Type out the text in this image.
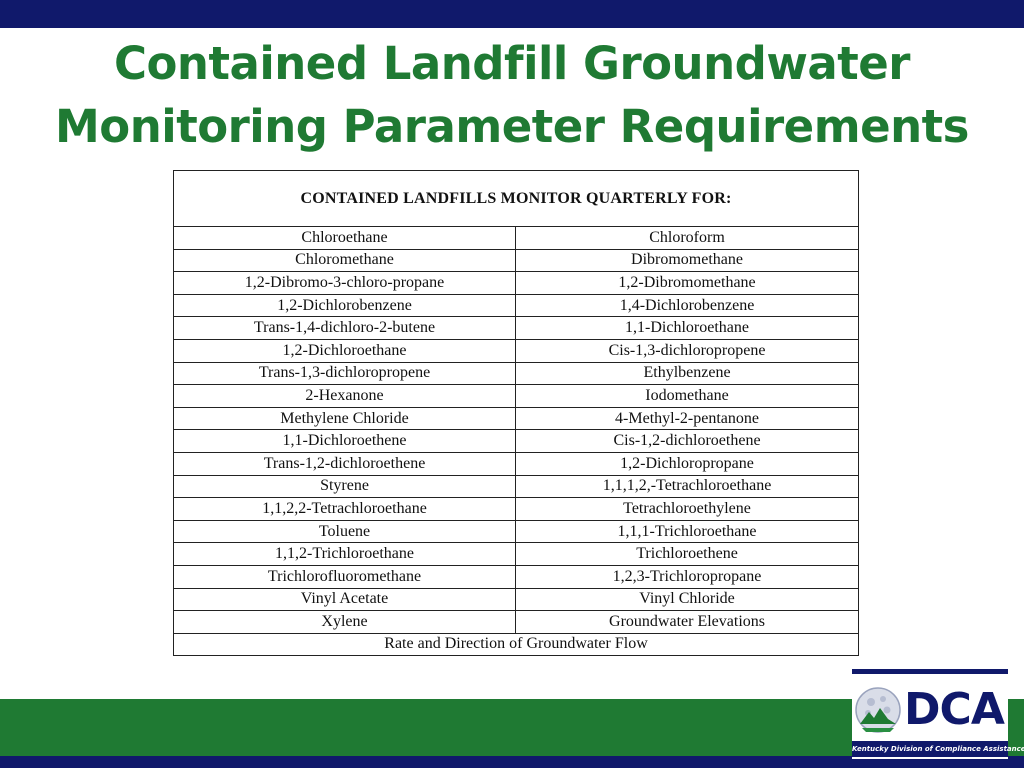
Contained Landfill Groundwater
Monitoring Parameter Requirements
CONTAINED LANDFILLS MONITOR QUARTERLY FOR:	
Chloroethane	Chloroform
Chloromethane	Dibromomethane
1,2-Dibromo-3-chloro-propane	1,2-Dibromomethane
1,2-Dichlorobenzene	1,4-Dichlorobenzene
Trans-1,4-dichloro-2-butene	1,1-Dichloroethane
1,2-Dichloroethane	Cis-1,3-dichloropropene
Trans-1,3-dichloropropene	Ethylbenzene
2-Hexanone	Iodomethane
Methylene Chloride	4-Methyl-2-pentanone
1,1-Dichloroethene	Cis-1,2-dichloroethene
Trans-1,2-dichloroethene	1,2-Dichloropropane
Styrene	1,1,1,2,-Tetrachloroethane
1,1,2,2-Tetrachloroethane	Tetrachloroethylene
Toluene	1,1,1-Trichloroethane
1,1,2-Trichloroethane	Trichloroethene
Trichlorofluoromethane	1,2,3-Trichloropropane
Vinyl Acetate	Vinyl Chloride
Xylene	Groundwater Elevations
Rate and Direction of Groundwater Flow	
DCA
Kentucky Division of Compliance Assistance
